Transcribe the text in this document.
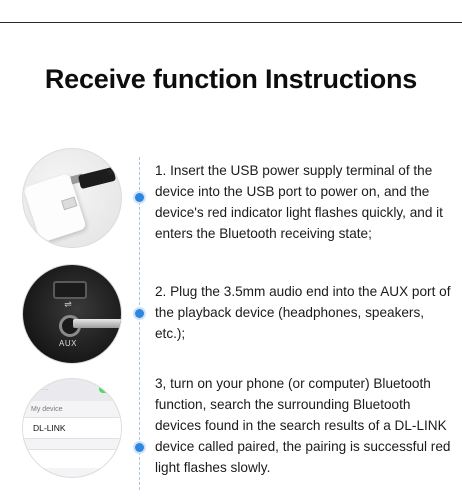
Receive function Instructions
1. Insert the USB power supply terminal of the device into the USB port to power on, and the device's red indicator light flashes quickly, and it enters the Bluetooth receiving state;
⇌
AUX
2. Plug the 3.5mm audio end into the AUX port of the playback device (headphones, speakers, etc.);
·· ···· ····
My device
DL-LINK
3, turn on your phone (or computer) Bluetooth function, search the surrounding Bluetooth devices found in the search results of a DL-LINK device called paired, the pairing is successful red light flashes slowly.
